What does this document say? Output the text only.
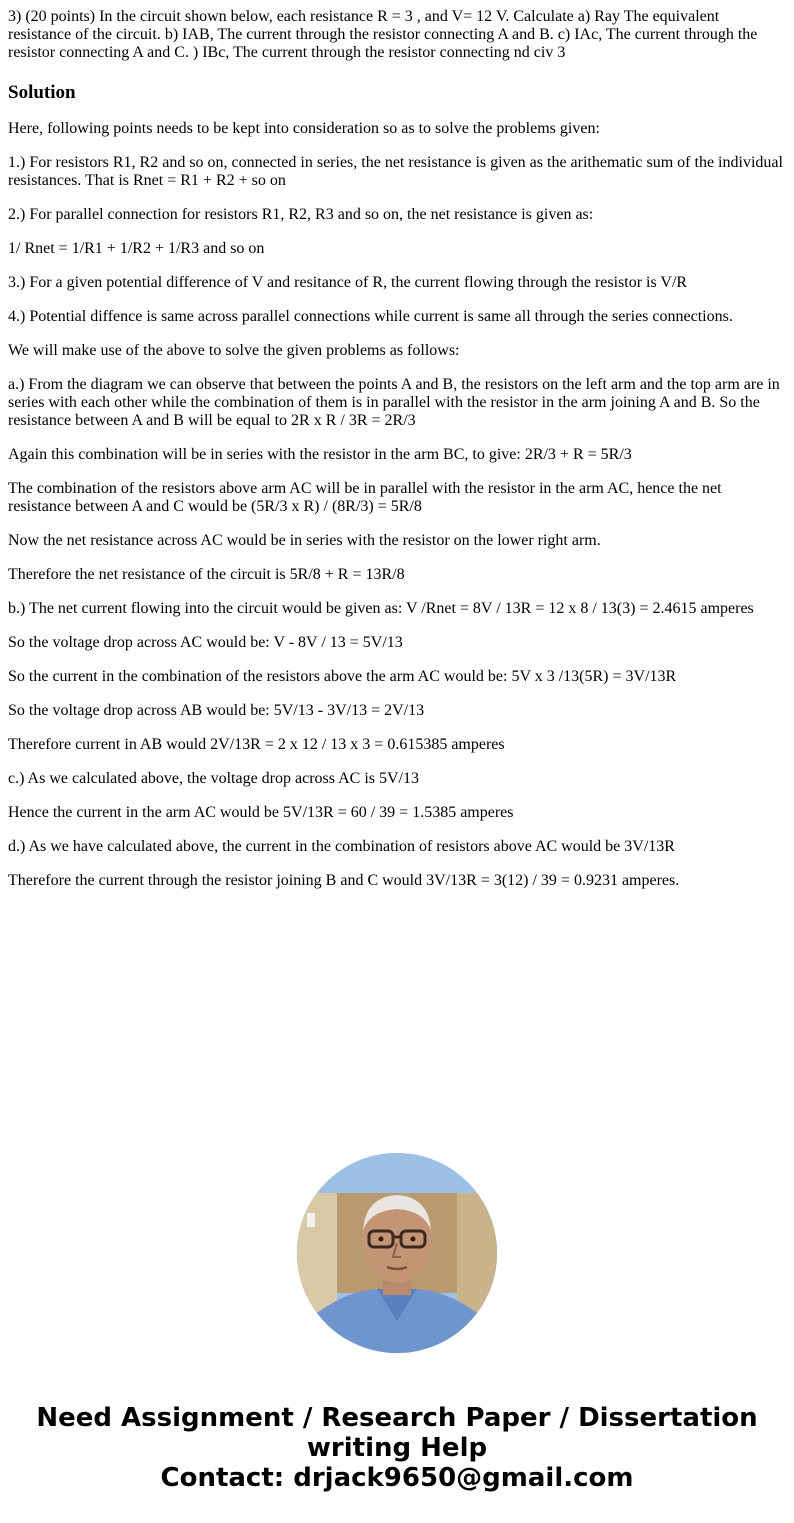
3) (20 points) In the circuit shown below, each resistance R = 3 , and V= 12 V. Calculate a) Ray The equivalent resistance of the circuit. b) IAB, The current through the resistor connecting A and B. c) IAc, The current through the resistor connecting A and C. ) IBc, The current through the resistor connecting nd civ 3

Solution

Here, following points needs to be kept into consideration so as to solve the problems given:

1.) For resistors R1, R2 and so on, connected in series, the net resistance is given as the arithematic sum of the individual resistances. That is Rnet = R1 + R2 + so on

2.) For parallel connection for resistors R1, R2, R3 and so on, the net resistance is given as:

1/ Rnet = 1/R1 + 1/R2 + 1/R3 and so on

3.) For a given potential difference of V and resitance of R, the current flowing through the resistor is V/R

4.) Potential diffence is same across parallel connections while current is same all through the series connections.

We will make use of the above to solve the given problems as follows:

a.) From the diagram we can observe that between the points A and B, the resistors on the left arm and the top arm are in series with each other while the combination of them is in parallel with the resistor in the arm joining A and B. So the resistance between A and B will be equal to 2R x R / 3R = 2R/3

Again this combination will be in series with the resistor in the arm BC, to give: 2R/3 + R = 5R/3

The combination of the resistors above arm AC will be in parallel with the resistor in the arm AC, hence the net resistance between A and C would be (5R/3 x R) / (8R/3) = 5R/8

Now the net resistance across AC would be in series with the resistor on the lower right arm.

Therefore the net resistance of the circuit is 5R/8 + R = 13R/8

b.) The net current flowing into the circuit would be given as: V /Rnet = 8V / 13R = 12 x 8 / 13(3) = 2.4615 amperes

So the voltage drop across AC would be: V - 8V / 13 = 5V/13

So the current in the combination of the resistors above the arm AC would be: 5V x 3 /13(5R) = 3V/13R

So the voltage drop across AB would be: 5V/13 - 3V/13 = 2V/13

Therefore current in AB would 2V/13R = 2 x 12 / 13 x 3 = 0.615385 amperes

c.) As we calculated above, the voltage drop across AC is 5V/13

Hence the current in the arm AC would be 5V/13R = 60 / 39 = 1.5385 amperes

d.) As we have calculated above, the current in the combination of resistors above AC would be 3V/13R

Therefore the current through the resistor joining B and C would 3V/13R = 3(12) / 39 = 0.9231 amperes.

Need Assignment / Research Paper / Dissertation
writing Help
Contact: drjack9650@gmail.com
